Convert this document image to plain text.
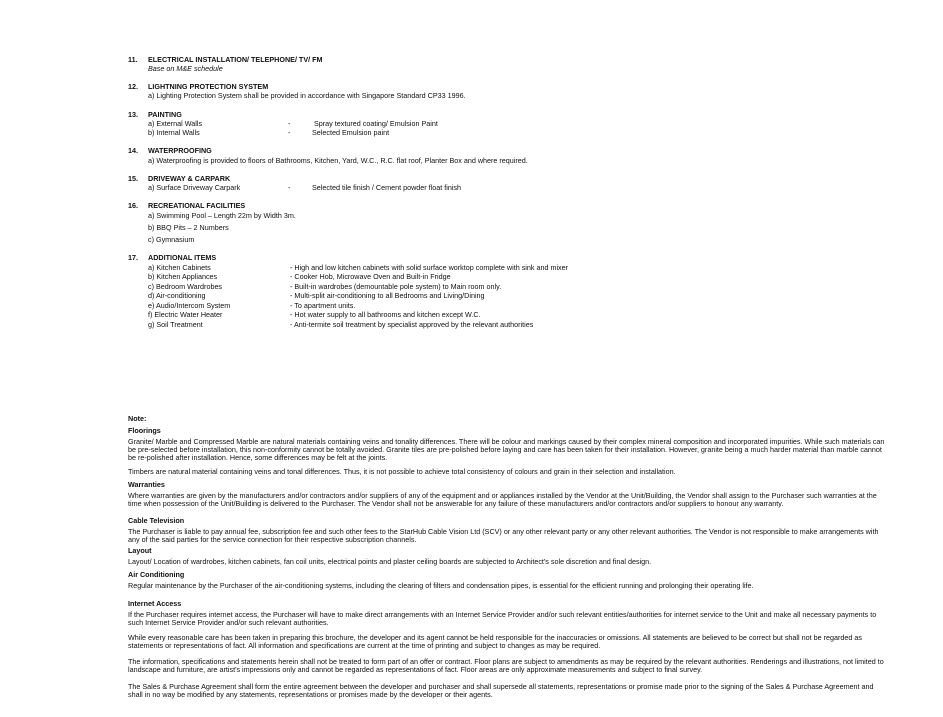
11. ELECTRICAL INSTALLATION/ TELEPHONE/ TV/ FM
Base on M&E schedule
12. LIGHTNING PROTECTION SYSTEM
a) Lighting Protection System shall be provided in accordance with Singapore Standard CP33 1996.
13. PAINTING
a) External Walls	-	Spray textured coating/ Emulsion Paint
b) Internal Walls	-	Selected Emulsion paint
14. WATERPROOFING
a) Waterproofing is provided to floors of Bathrooms, Kitchen, Yard, W.C., R.C. flat roof, Planter Box and where required.
15. DRIVEWAY & CARPARK
a) Surface Driveway Carpark	-	Selected tile finish / Cement powder float finish
16. RECREATIONAL FACILITIES
a) Swimming Pool – Length 22m by Width 3m.
b) BBQ Pits – 2 Numbers
c) Gymnasium
17. ADDITIONAL ITEMS
a) Kitchen Cabinets	- High and low kitchen cabinets with solid surface worktop complete with sink and mixer
b) Kitchen Appliances	- Cooker Hob, Microwave Oven and Built-in Fridge
c) Bedroom Wardrobes	- Built-in wardrobes (demountable pole system) to Main room only.
d) Air-conditioning	- Multi-split air-conditioning to all Bedrooms and Living/Dining
e) Audio/Intercom System	- To apartment units.
f) Electric Water Heater	- Hot water supply to all bathrooms and kitchen except W.C.
g) Soil Treatment	- Anti-termite soil treatment by specialist approved by the relevant authorities
Note:
Floorings
Granite/ Marble and Compressed Marble are natural materials containing veins and tonality differences. There will be colour and markings caused by their complex mineral composition and incorporated impurities. While such materials can be pre-selected before installation, this non-conformity cannot be totally avoided. Granite tiles are pre-polished before laying and care has been taken for their installation. However, granite being a much harder material than marble cannot be re-polished after installation. Hence, some differences may be felt at the joints.
Timbers are natural material containing veins and tonal differences. Thus, it is not possible to achieve total consistency of colours and grain in their selection and installation.
Warranties
Where warranties are given by the manufacturers and/or contractors and/or suppliers of any of the equipment and or appliances installed by the Vendor at the Unit/Building, the Vendor shall assign to the Purchaser such warranties at the time when possession of the Unit/Building is delivered to the Purchaser. The Vendor shall not be answerable for any failure of these manufacturers and/or contractors and/or suppliers to honour any warranty.
Cable Television
The Purchaser is liable to pay annual fee, subscription fee and such other fees to the StarHub Cable Vision Ltd (SCV) or any other relevant party or any other relevant authorities. The Vendor is not responsible to make arrangements with any of the said parties for the service connection for their respective subscription channels.
Layout
Layout/ Location of wardrobes, kitchen cabinets, fan coil units, electrical points and plaster ceiling boards are subjected to Architect's sole discretion and final design.
Air Conditioning
Regular maintenance by the Purchaser of the air-conditioning systems, including the clearing of filters and condensation pipes, is essential for the efficient running and prolonging their operating life.
Internet Access
If the Purchaser requires internet access, the Purchaser will have to make direct arrangements with an Internet Service Provider and/or such relevant entities/authorities for internet service to the Unit and make all necessary payments to such Internet Service Provider and/or such relevant authorities.
While every reasonable care has been taken in preparing this brochure, the developer and its agent cannot be held responsible for the inaccuracies or omissions. All statements are believed to be correct but shall not be regarded as statements or representations of fact. All information and specifications are current at the time of printing and subject to changes as may be required.
The information, specifications and statements herein shall not be treated to form part of an offer or contract. Floor plans are subject to amendments as may be required by the relevant authorities. Renderings and illustrations, not limited to landscape and furniture, are artist's impressions only and cannot be regarded as representations of fact. Floor areas are only approximate measurements and subject to final survey.
The Sales & Purchase Agreement shall form the entire agreement between the developer and purchaser and shall supersede all statements, representations or promise made prior to the signing of the Sales & Purchase Agreement and shall in no way be modified by any statements, representations or promises made by the developer or their agents.
